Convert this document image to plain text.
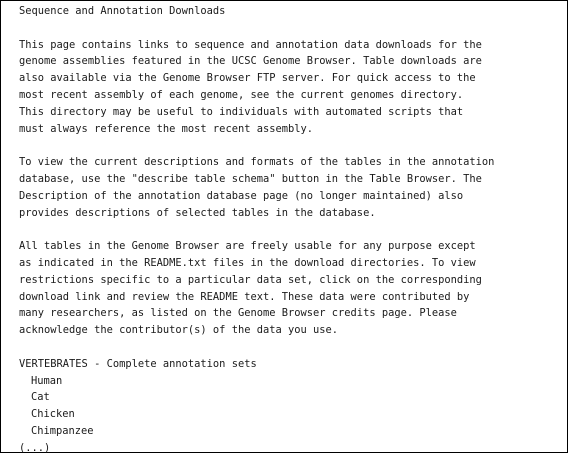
Sequence and Annotation Downloads
This page contains links to sequence and annotation data downloads for the
genome assemblies featured in the UCSC Genome Browser. Table downloads are
also available via the Genome Browser FTP server. For quick access to the
most recent assembly of each genome, see the current genomes directory.
This directory may be useful to individuals with automated scripts that
must always reference the most recent assembly.
To view the current descriptions and formats of the tables in the annotation
database, use the "describe table schema" button in the Table Browser. The
Description of the annotation database page (no longer maintained) also
provides descriptions of selected tables in the database.
All tables in the Genome Browser are freely usable for any purpose except
as indicated in the README.txt files in the download directories. To view
restrictions specific to a particular data set, click on the corresponding
download link and review the README text. These data were contributed by
many researchers, as listed on the Genome Browser credits page. Please
acknowledge the contributor(s) of the data you use.
VERTEBRATES - Complete annotation sets
Human
Cat
Chicken
Chimpanzee
(...)
